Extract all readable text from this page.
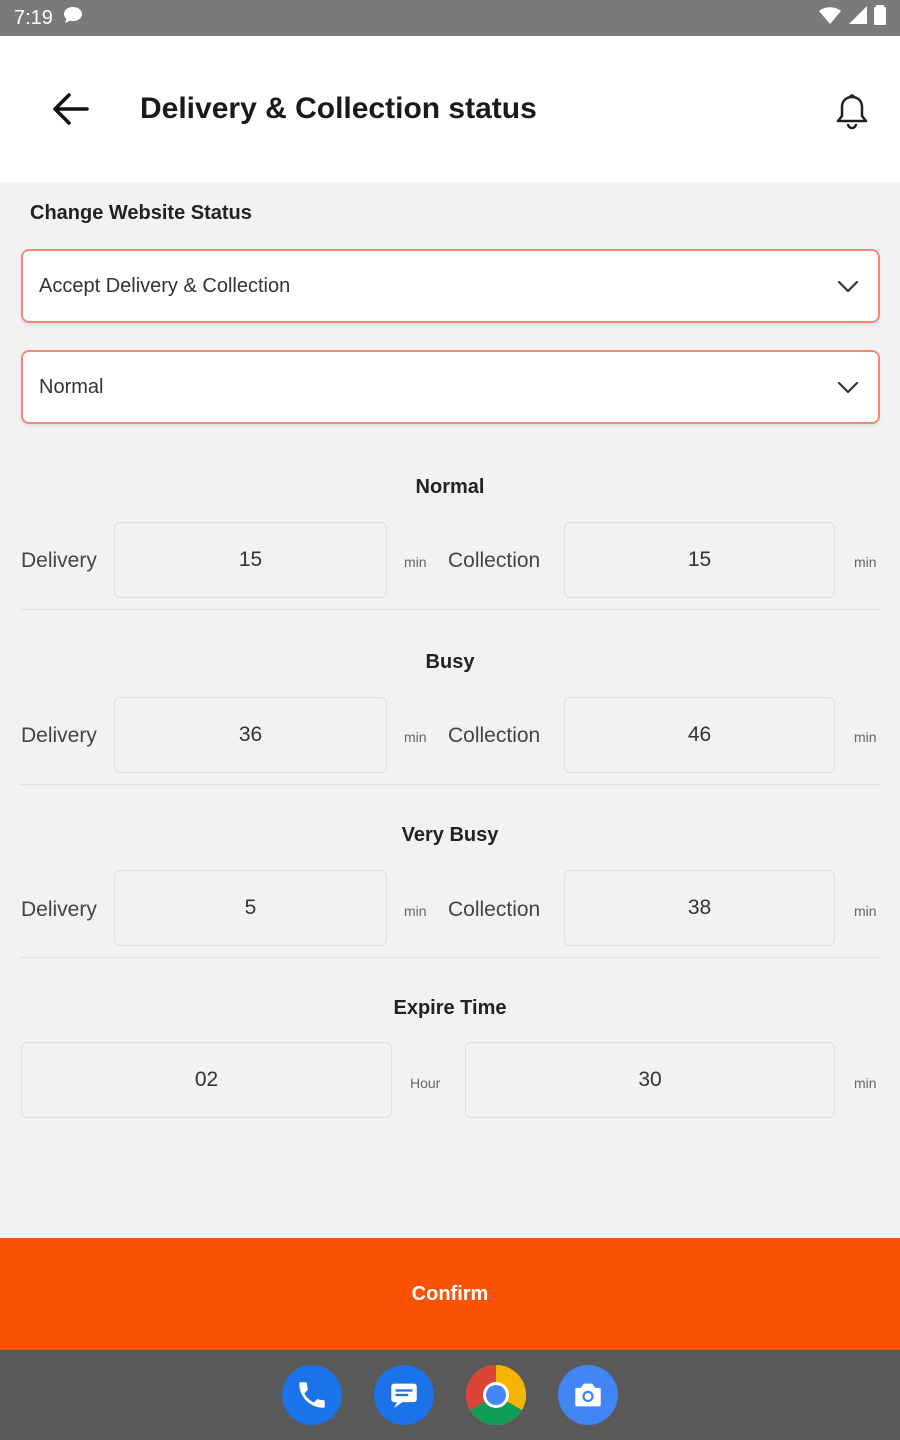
7:19
Delivery & Collection status
Change Website Status
Accept Delivery & Collection
Normal
Normal
Delivery	15	min Collection	15	min
Busy
Delivery	36	min Collection	46	min
Very Busy
Delivery	5	min Collection	38	min
Expire Time
02	Hour	30	min
Confirm
